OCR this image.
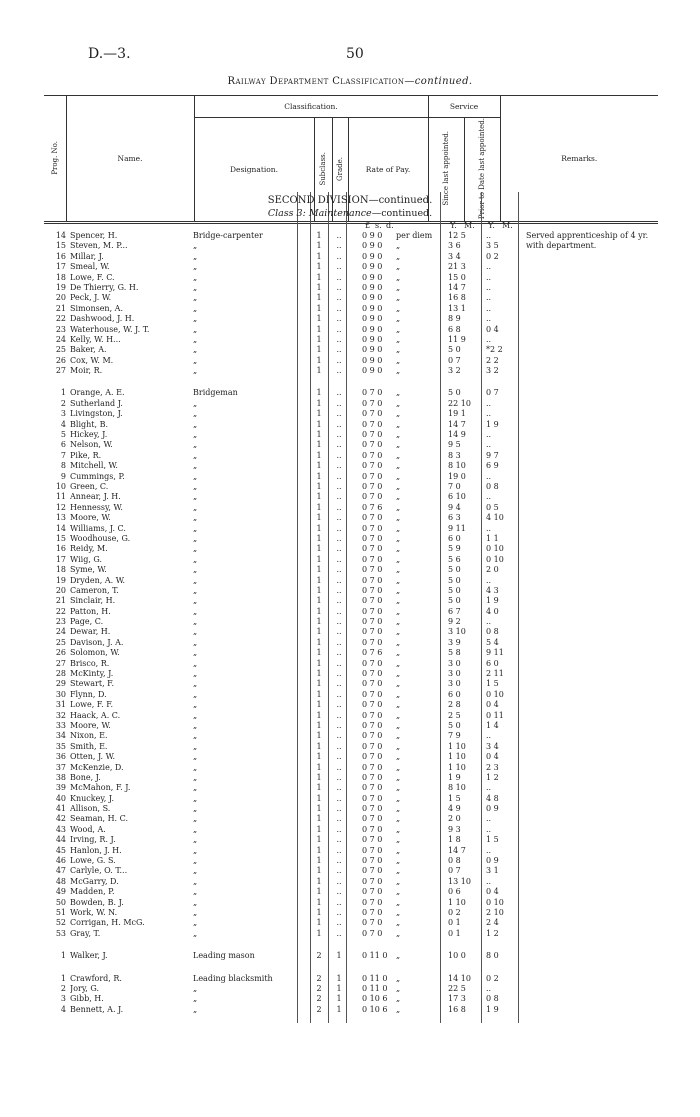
D.—3.	50
Railway Department Classification—continued.
Prog. No.	Name.	Classification.				Service		Remarks.
		Designation.	Subclass.	Grade.	Rate of Pay.	Since last appointed.	Prior to Date last appointed.	
SECOND DIVISION—continued.
Class 3: Maintenance—continued.
£ s. d.	Y. M. Y. M.
14 Spencer, H.	Bridge-carpenter	1	..	0 9 0	per diem	12 5	..	Served apprenticeship of 4 yr.
15 Steven, M. P...	„	1	..	0 9 0	„	3 6	3 5	with department.
16 Millar, J.	„	1	..	0 9 0	„	3 4	0 2
17 Smeal, W.	„	1	..	0 9 0	„	21 3	..
18 Lowe, F. C.	„	1	..	0 9 0	„	15 0	..
19 De Thierry, G. H.	„	1	..	0 9 0	„	14 7	..
20 Peck, J. W.	„	1	..	0 9 0	„	16 8	..
21 Simonsen, A.	„	1	..	0 9 0	„	13 1	..
22 Dashwood, J. H.	„	1	..	0 9 0	„	8 9	..
23 Waterhouse, W. J. T.	„	1	..	0 9 0	„	6 8	0 4
24 Kelly, W. H...	„	1	..	0 9 0	„	11 9	..
25 Baker, A.	„	1	..	0 9 0	„	5 0	*2 2
26 Cox, W. M.	„	1	..	0 9 0	„	0 7	2 2
27 Moir, R.	„	1	..	0 9 0	„	3 2	3 2
1 Orange, A. E.	Bridgeman	1	..	0 7 0	„	5 0	0 7
2 Sutherland J.	„	1	..	0 7 0	„	22 10	..
3 Livingston, J.	„	1	..	0 7 0	„	19 1	..
4 Blight, B.	„	1	..	0 7 0	„	14 7	1 9
5 Hickey, J.	„	1	..	0 7 0	„	14 9	..
6 Nelson, W.	„	1	..	0 7 0	„	9 5	..
7 Pike, R.	„	1	..	0 7 0	„	8 3	9 7
8 Mitchell, W.	„	1	..	0 7 0	„	8 10	6 9
9 Cummings, P.	„	1	..	0 7 0	„	19 0	..
10 Green, C.	„	1	..	0 7 0	„	7 0	0 8
11 Annear, J. H.	„	1	..	0 7 0	„	6 10	..
12 Hennessy, W.	„	1	..	0 7 6	„	9 4	0 5
13 Moore, W.	„	1	..	0 7 0	„	6 3	4 10
14 Williams, J. C.	„	1	..	0 7 0	„	9 11	..
15 Woodhouse, G.	„	1	..	0 7 0	„	6 0	1 1
16 Reidy, M.	„	1	..	0 7 0	„	5 9	0 10
17 Wiig, G.	„	1	..	0 7 0	„	5 6	0 10
18 Syme, W.	„	1	..	0 7 0	„	5 0	2 0
19 Dryden, A. W.	„	1	..	0 7 0	„	5 0	..
20 Cameron, T.	„	1	..	0 7 0	„	5 0	4 3
21 Sinclair, H.	„	1	..	0 7 0	„	5 0	1 9
22 Patton, H.	„	1	..	0 7 0	„	6 7	4 0
23 Page, C.	„	1	..	0 7 0	„	9 2	..
24 Dewar, H.	„	1	..	0 7 0	„	3 10	0 8
25 Davison, J. A.	„	1	..	0 7 0	„	3 9	5 4
26 Solomon, W.	„	1	..	0 7 6	„	5 8	9 11
27 Brisco, R.	„	1	..	0 7 0	„	3 0	6 0
28 McKinty, J.	„	1	..	0 7 0	„	3 0	2 11
29 Stewart, F.	„	1	..	0 7 0	„	3 0	1 5
30 Flynn, D.	„	1	..	0 7 0	„	6 0	0 10
31 Lowe, F. F.	„	1	..	0 7 0	„	2 8	0 4
32 Haack, A. C.	„	1	..	0 7 0	„	2 5	0 11
33 Moore, W.	„	1	..	0 7 0	„	5 0	1 4
34 Nixon, E.	„	1	..	0 7 0	„	7 9	..
35 Smith, E.	„	1	..	0 7 0	„	1 10	3 4
36 Otten, J. W.	„	1	..	0 7 0	„	1 10	0 4
37 McKenzie, D.	„	1	..	0 7 0	„	1 10	2 3
38 Bone, J.	„	1	..	0 7 0	„	1 9	1 2
39 McMahon, F. J.	„	1	..	0 7 0	„	8 10	..
40 Knuckey, J.	„	1	..	0 7 0	„	1 5	4 8
41 Allison, S.	„	1	..	0 7 0	„	4 9	0 9
42 Seaman, H. C.	„	1	..	0 7 0	„	2 0	..
43 Wood, A.	„	1	..	0 7 0	„	9 3	..
44 Irving, R. J.	„	1	..	0 7 0	„	1 8	1 5
45 Hanlon, J. H.	„	1	..	0 7 0	„	14 7	..
46 Lowe, G. S.	„	1	..	0 7 0	„	0 8	0 9
47 Carlyle, O. T...	„	1	..	0 7 0	„	0 7	3 1
48 McGarry, D.	„	1	..	0 7 0	„	13 10	..
49 Madden, P.	„	1	..	0 7 0	„	0 6	0 4
50 Bowden, B. J.	„	1	..	0 7 0	„	1 10	0 10
51 Work, W. N.	„	1	..	0 7 0	„	0 2	2 10
52 Corrigan, H. McG.	„	1	..	0 7 0	„	0 1	2 4
53 Gray, T.	„	1	..	0 7 0	„	0 1	1 2
1 Walker, J.	Leading mason	2	1	0 11 0	„	10 0	8 0
1 Crawford, R.	Leading blacksmith	2	1	0 11 0	„	14 10	0 2
2 Jory, G.	„	2	1	0 11 0	„	22 5	..
3 Gibb, H.	„	2	1	0 10 6	„	17 3	0 8
4 Bennett, A. J.	„	2	1	0 10 6	„	16 8	1 9
